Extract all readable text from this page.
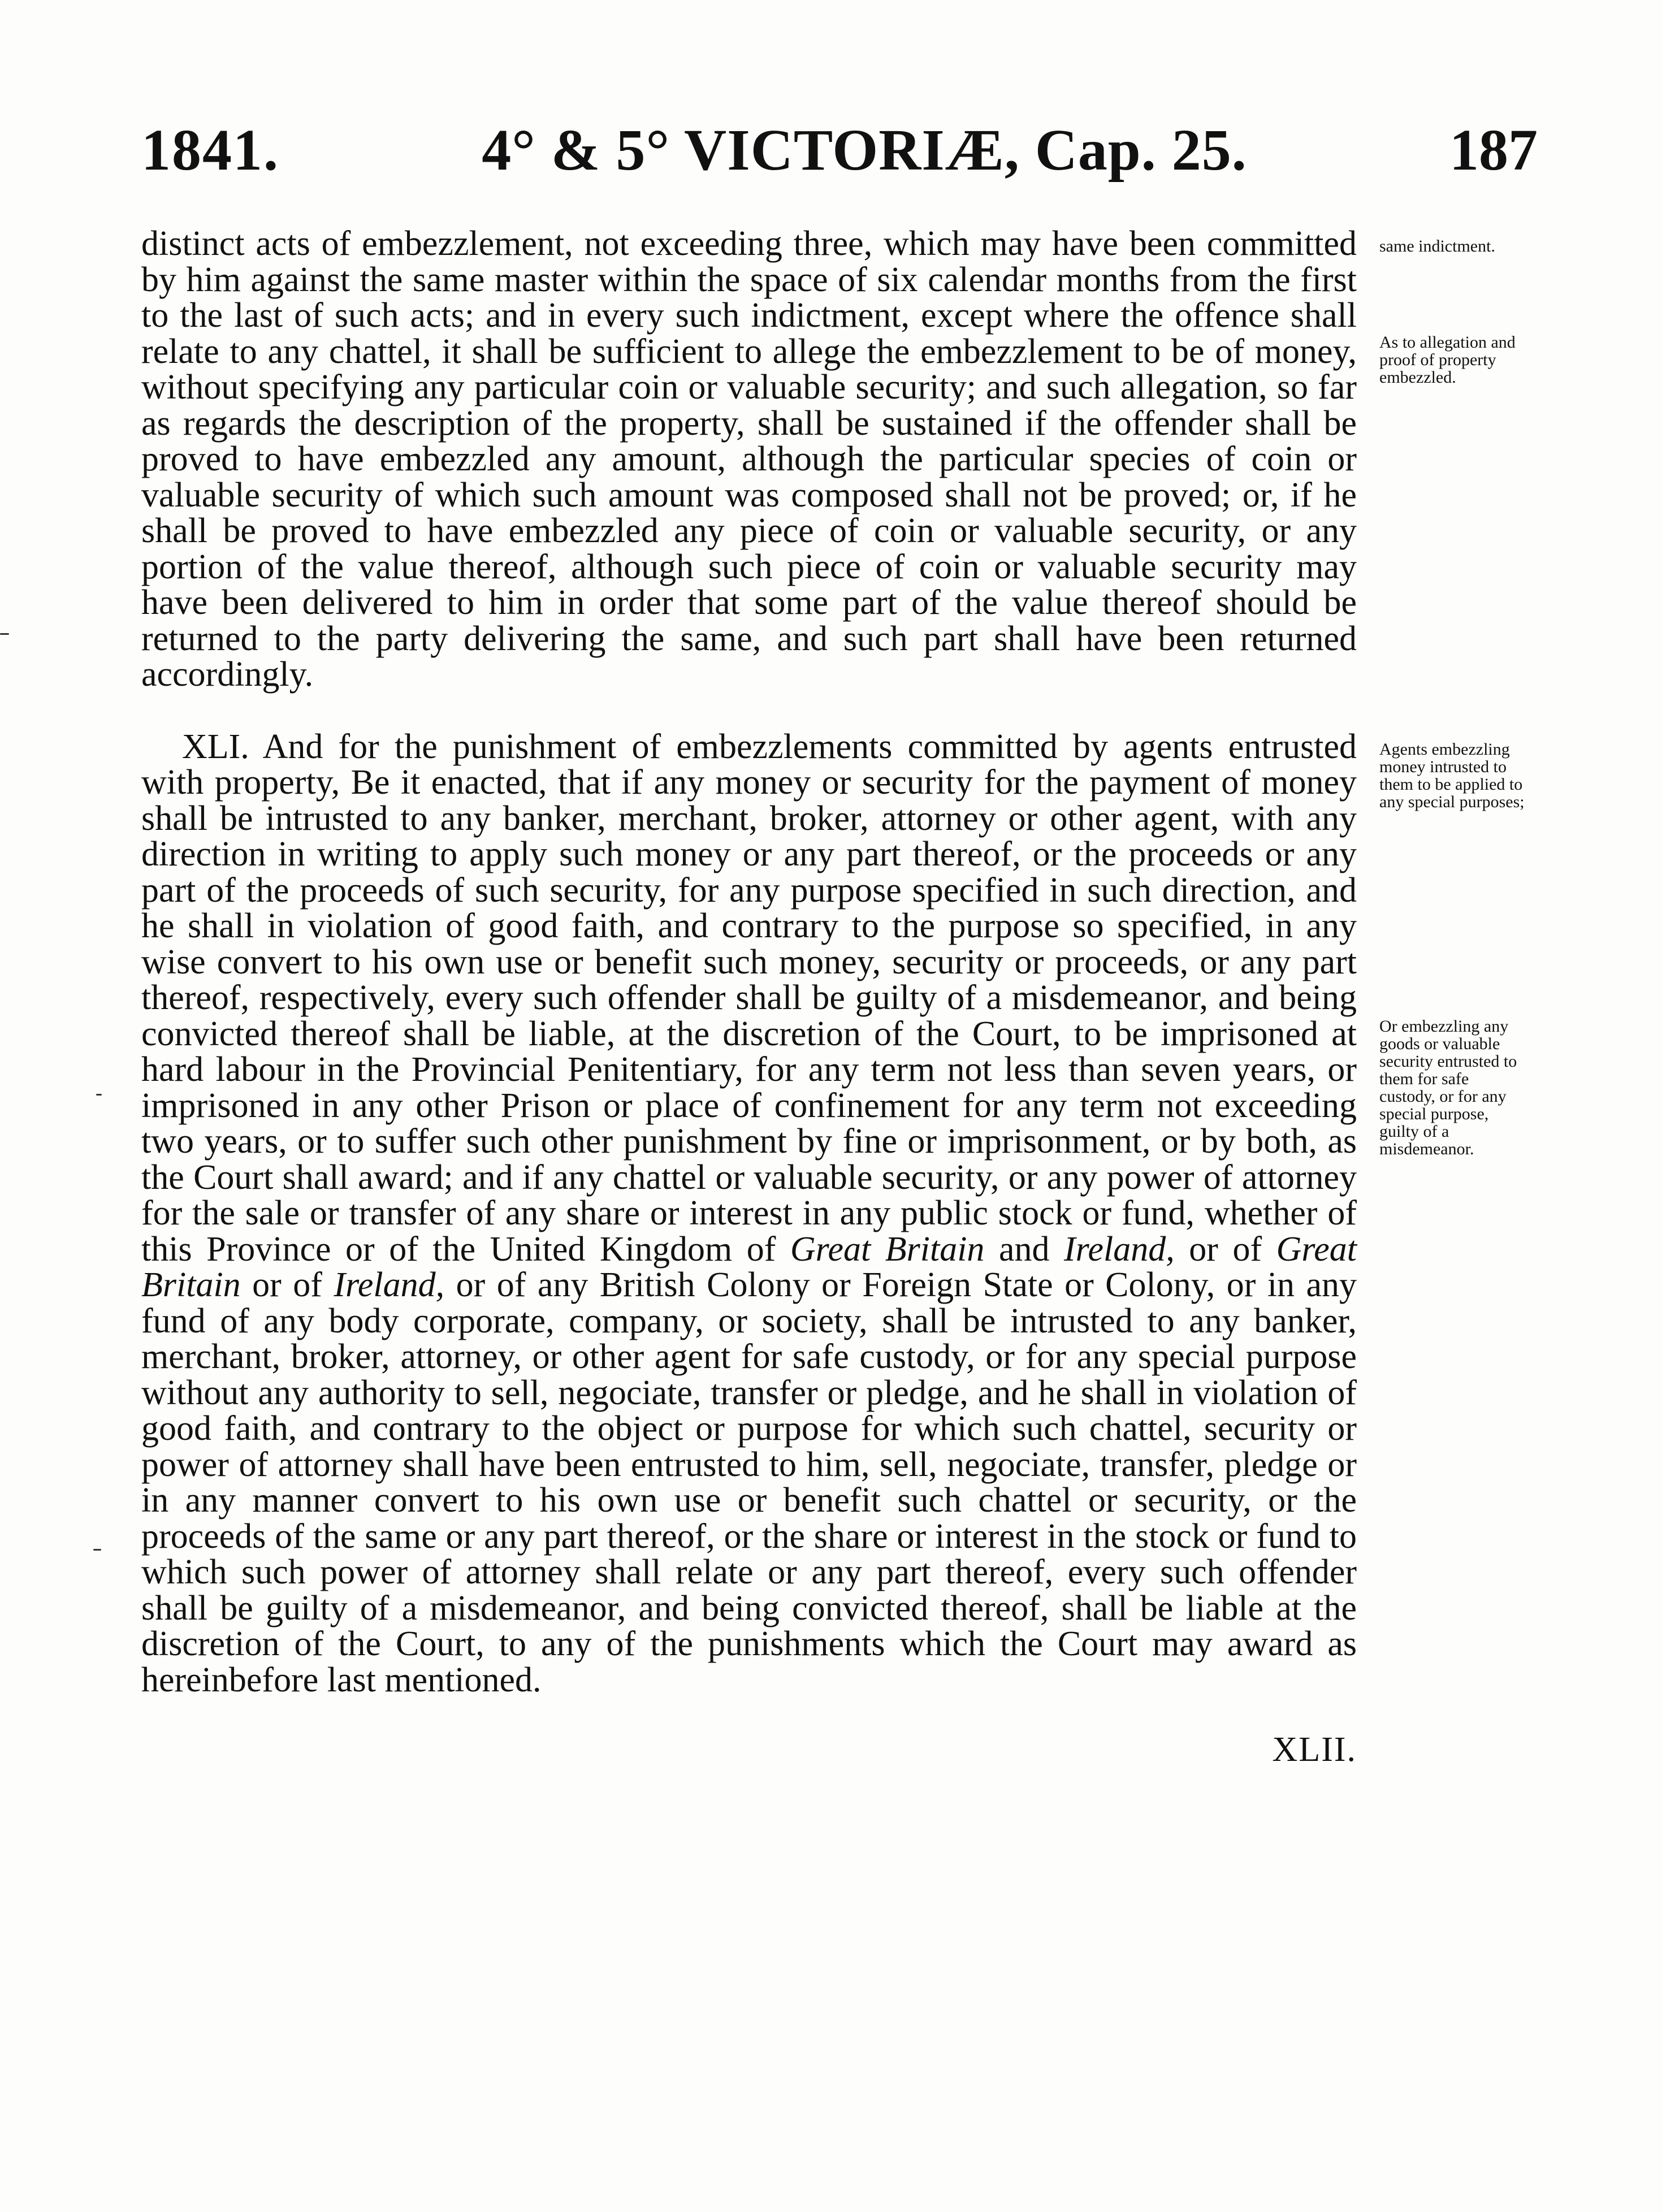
1841.	4° & 5° VICTORIÆ, Cap. 25.	187

distinct acts of embezzlement, not exceeding three, which may have been committed by him against the same master within the space of six calendar months from the first to the last of such acts; and in every such indictment, except where the offence shall relate to any chattel, it shall be sufficient to allege the embezzlement to be of money, without specifying any particular coin or valuable security; and such allegation, so far as regards the description of the property, shall be sustained if the offender shall be proved to have embezzled any amount, although the particular species of coin or valuable security of which such amount was composed shall not be proved; or, if he shall be proved to have embezzled any piece of coin or valuable security, or any portion of the value thereof, although such piece of coin or valuable security may have been delivered to him in order that some part of the value thereof should be returned to the party delivering the same, and such part shall have been returned accordingly.

XLI. And for the punishment of embezzlements committed by agents entrusted with property, Be it enacted, that if any money or security for the payment of money shall be intrusted to any banker, merchant, broker, attorney or other agent, with any direction in writing to apply such money or any part thereof, or the proceeds or any part of the proceeds of such security, for any purpose specified in such direction, and he shall in violation of good faith, and contrary to the purpose so specified, in any wise convert to his own use or benefit such money, security or proceeds, or any part thereof, respectively, every such offender shall be guilty of a misdemeanor, and being convicted thereof shall be liable, at the discretion of the Court, to be imprisoned at hard labour in the Provincial Penitentiary, for any term not less than seven years, or imprisoned in any other Prison or place of confinement for any term not exceeding two years, or to suffer such other punishment by fine or imprisonment, or by both, as the Court shall award; and if any chattel or valuable security, or any power of attorney for the sale or transfer of any share or interest in any public stock or fund, whether of this Province or of the United Kingdom of Great Britain and Ireland, or of Great Britain or of Ireland, or of any British Colony or Foreign State or Colony, or in any fund of any body corporate, company, or society, shall be intrusted to any banker, merchant, broker, attorney, or other agent for safe custody, or for any special purpose without any authority to sell, negociate, transfer or pledge, and he shall in violation of good faith, and contrary to the object or purpose for which such chattel, security or power of attorney shall have been entrusted to him, sell, negociate, transfer, pledge or in any manner convert to his own use or benefit such chattel or security, or the proceeds of the same or any part thereof, or the share or interest in the stock or fund to which such power of attorney shall relate or any part thereof, every such offender shall be guilty of a misdemeanor, and being convicted thereof, shall be liable at the discretion of the Court, to any of the punishments which the Court may award as hereinbefore last mentioned.

XLII.
same indictment.
As to allegation and proof of property embezzled.
Agents embezzling money intrusted to them to be applied to any special purposes;
Or embezzling any goods or valuable security entrusted to them for safe custody, or for any special purpose, guilty of a misdemeanor.
